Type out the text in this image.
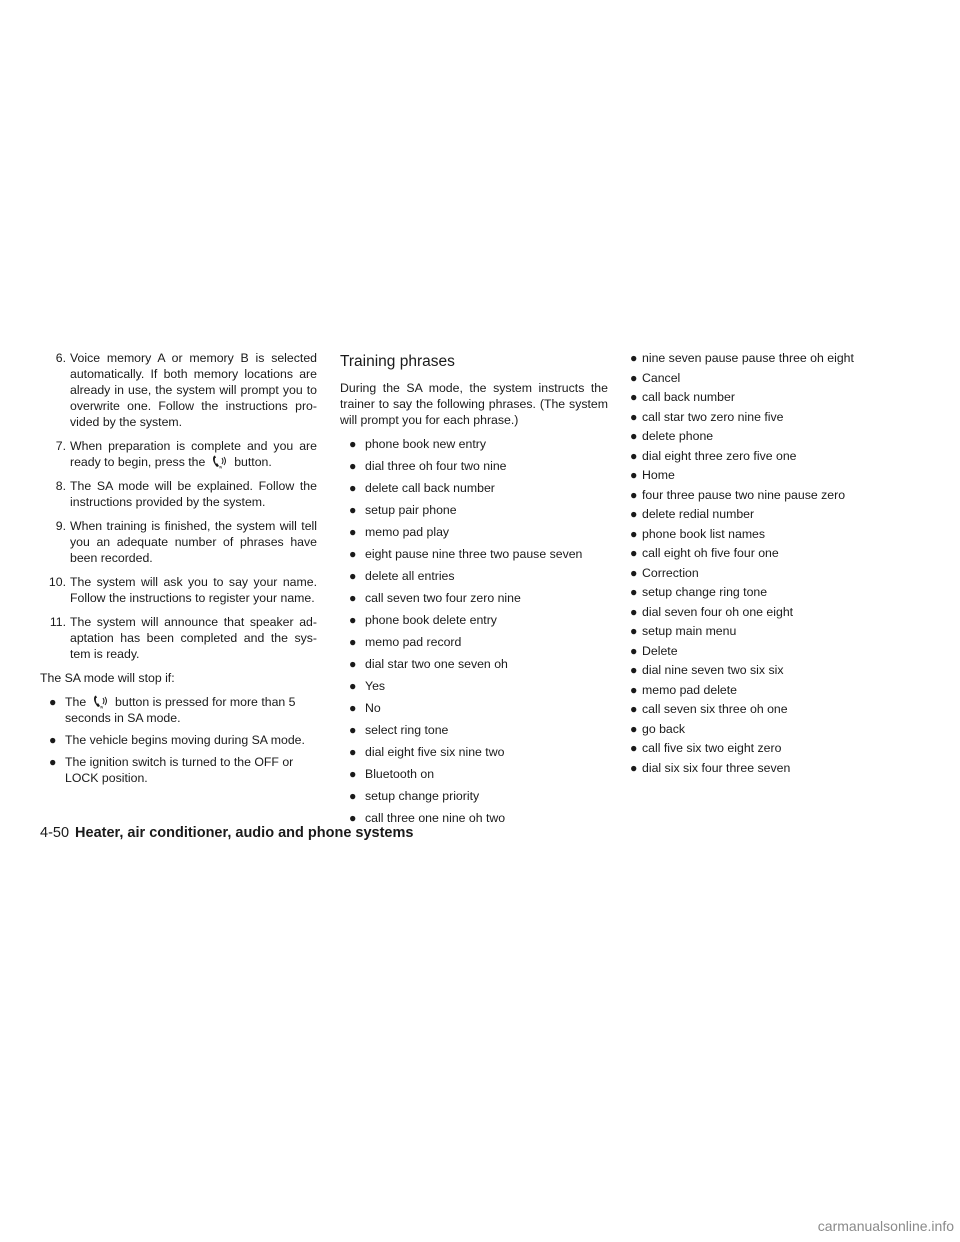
6. Voice memory A or memory B is selected automatically. If both memory locations are already in use, the system will prompt you to overwrite one. Follow the instructions pro- vided by the system.
7. When preparation is complete and you are ready to begin, press the	w button.
8. The SA mode will be explained. Follow the instructions provided by the system.
9. When training is finished, the system will tell you an adequate number of phrases have been recorded.
10. The system will ask you to say your name. Follow the instructions to register your name.
11. The system will announce that speaker ad- aptation has been completed and the sys- tem is ready.
The SA mode will stop if:
● The	w button is pressed for more than 5 seconds in SA mode.
● The vehicle begins moving during SA mode.
● The ignition switch is turned to the OFF or LOCK position.
Training phrases
During the SA mode, the system instructs the trainer to say the following phrases. (The system will prompt you for each phrase.)
● phone book new entry
● dial three oh four two nine
● delete call back number
● setup pair phone
● memo pad play
● eight pause nine three two pause seven
● delete all entries
● call seven two four zero nine
● phone book delete entry
● memo pad record
● dial star two one seven oh
● Yes
● No
● select ring tone
● dial eight five six nine two
● Bluetooth on
● setup change priority
● call three one nine oh two
● nine seven pause pause three oh eight
● Cancel
● call back number
● call star two zero nine five
● delete phone
● dial eight three zero five one
● Home
● four three pause two nine pause zero
● delete redial number
● phone book list names
● call eight oh five four one
● Correction
● setup change ring tone
● dial seven four oh one eight
● setup main menu
● Delete
● dial nine seven two six six
● memo pad delete
● call seven six three oh one
● go back
● call five six two eight zero
● dial six six four three seven
4-50 Heater, air conditioner, audio and phone systems
carmanualsonline.info
